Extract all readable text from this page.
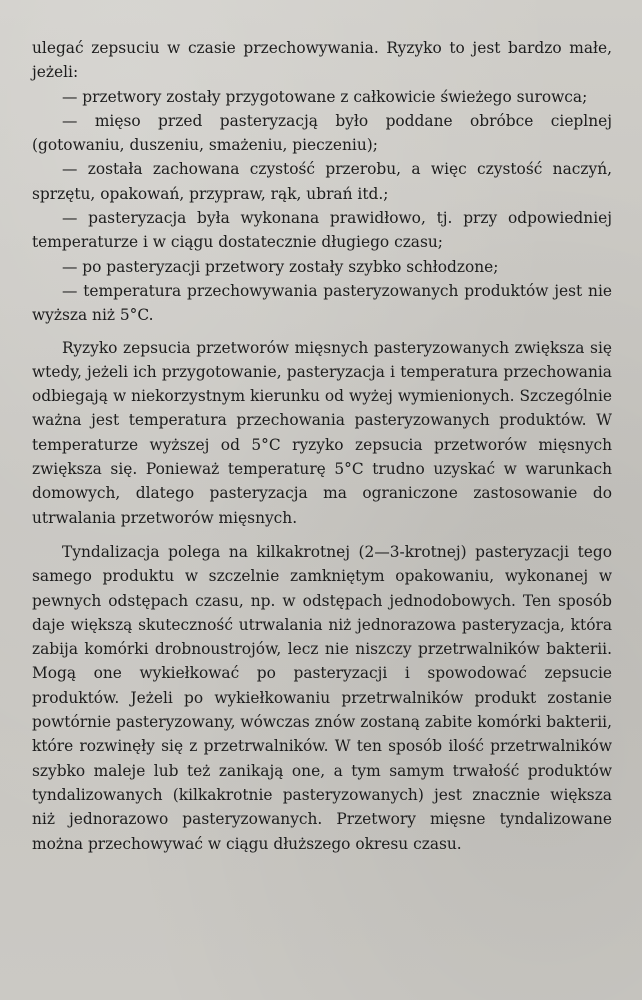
ulegać zepsuciu w czasie przechowywania. Ryzyko to jest bardzo małe, jeżeli:

— przetwory zostały przygotowane z całkowicie świeżego surowca;

— mięso przed pasteryzacją było poddane obróbce cieplnej (gotowaniu, duszeniu, smażeniu, pieczeniu);

— została zachowana czystość przerobu, a więc czystość naczyń, sprzętu, opakowań, przypraw, rąk, ubrań itd.;

— pasteryzacja była wykonana prawidłowo, tj. przy odpowiedniej temperaturze i w ciągu dostatecznie długiego czasu;

— po pasteryzacji przetwory zostały szybko schłodzone;

— temperatura przechowywania pasteryzowanych produktów jest nie wyższa niż 5°C.

Ryzyko zepsucia przetworów mięsnych pasteryzowanych zwiększa się wtedy, jeżeli ich przygotowanie, pasteryzacja i temperatura przechowania odbiegają w niekorzystnym kierunku od wyżej wymienionych. Szczególnie ważna jest temperatura przechowania pasteryzowanych produktów. W temperaturze wyższej od 5°C ryzyko zepsucia przetworów mięsnych zwiększa się. Ponieważ temperaturę 5°C trudno uzyskać w warunkach domowych, dlatego pasteryzacja ma ograniczone zastosowanie do utrwalania przetworów mięsnych.

Tyndalizacja polega na kilkakrotnej (2—3-krotnej) pasteryzacji tego samego produktu w szczelnie zamkniętym opakowaniu, wykonanej w pewnych odstępach czasu, np. w odstępach jednodobowych. Ten sposób daje większą skuteczność utrwalania niż jednorazowa pasteryzacja, która zabija komórki drobnoustrojów, lecz nie niszczy przetrwalników bakterii. Mogą one wykiełkować po pasteryzacji i spowodować zepsucie produktów. Jeżeli po wykiełkowaniu przetrwalników produkt zostanie powtórnie pasteryzowany, wówczas znów zostaną zabite komórki bakterii, które rozwinęły się z przetrwalników. W ten sposób ilość przetrwalników szybko maleje lub też zanikają one, a tym samym trwałość produktów tyndalizowanych (kilkakrotnie pasteryzowanych) jest znacznie większa niż jednorazowo pasteryzowanych. Przetwory mięsne tyndalizowane można przechowywać w ciągu dłuższego okresu czasu.
